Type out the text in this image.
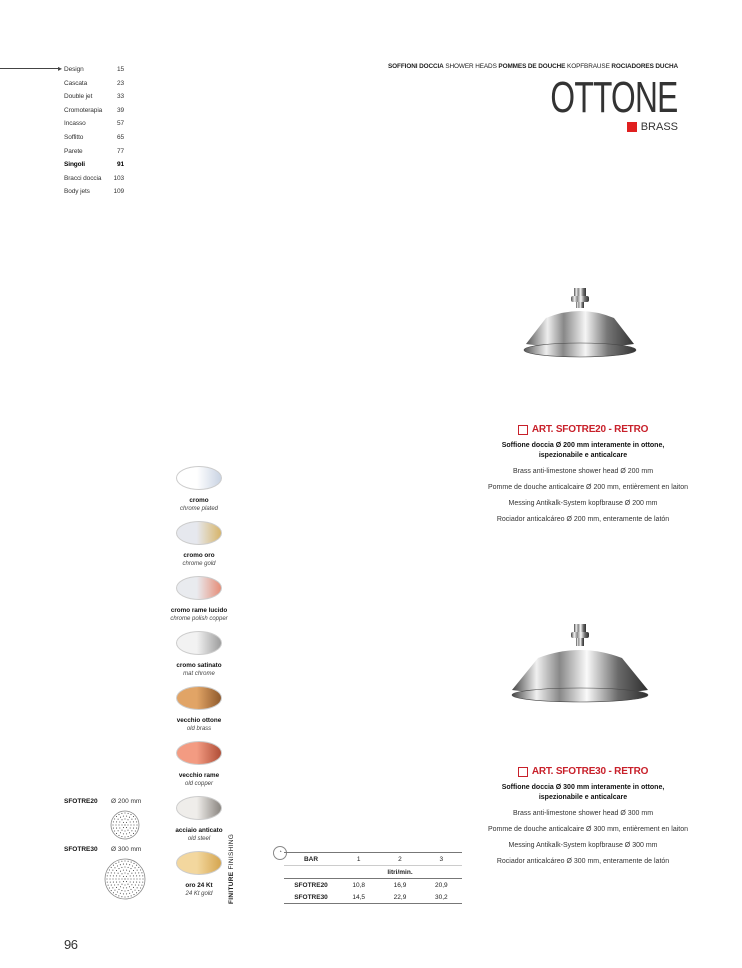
▸ Design	15
Cascata	23
Double jet	33
Cromoterapia 39
Incasso	57
Soffitto	65
Parete	77
Singoli	91
Bracci doccia 103
Body jets	109
SOFFIONI DOCCIA SHOWER HEADS POMMES DE DOUCHE KOPFBRAUSE ROCIADORES DUCHA
OTTONE
BRASS
ART. SFOTRE20 - RETRO
Soffione doccia Ø 200 mm interamente in ottone,
ispezionabile e anticalcare
Brass anti-limestone shower head Ø 200 mm
Pomme de douche anticalcaire Ø 200 mm, entièrement en laiton
Messing Antikalk-System kopfbrause Ø 200 mm
Rociador anticalcáreo Ø 200 mm, enteramente de latón
ART. SFOTRE30 - RETRO
Soffione doccia Ø 300 mm interamente in ottone,
ispezionabile e anticalcare
Brass anti-limestone shower head Ø 300 mm
Pomme de douche anticalcaire Ø 300 mm, entièrement en laiton
Messing Antikalk-System kopfbrause Ø 300 mm
Rociador anticalcáreo Ø 300 mm, enteramente de latón
cromo
chrome plated
cromo oro
chrome gold
cromo rame lucido
chrome polish copper
cromo satinato
mat chrome
vecchio ottone
old brass
vecchio rame
old copper
acciaio anticato
old steel
oro 24 Kt
24 Kt gold	FINITURE FINISHING
SFOTRE20 Ø 200 mm
SFOTRE30 Ø 300 mm	◔
BAR	1	2	3
	litri/min.		
SFOTRE20	10,8	16,9	20,9
SFOTRE30	14,5	22,9	30,2
96
